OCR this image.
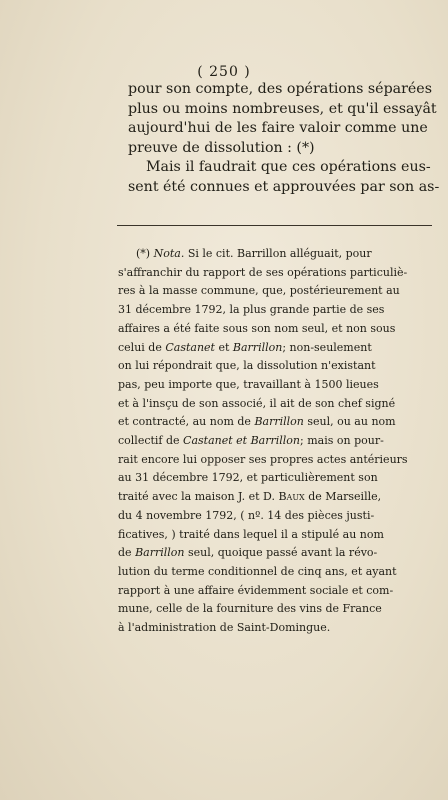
( 250 )
pour son compte, des opérations séparées
plus ou moins nombreuses, et qu'il essayât
aujourd'hui de les faire valoir comme une
preuve de dissolution : (*)
Mais il faudrait que ces opérations eus-
sent été connues et approuvées par son as-
(*) Nota. Si le cit. Barrillon alléguait, pour
s'affranchir du rapport de ses opérations particuliè-
res à la masse commune, que, postérieurement au
31 décembre 1792, la plus grande partie de ses
affaires a été faite sous son nom seul, et non sous
celui de Castanet et Barrillon; non-seulement
on lui répondrait que, la dissolution n'existant
pas, peu importe que, travaillant à 1500 lieues
et à l'insçu de son associé, il ait de son chef signé
et contracté, au nom de Barrillon seul, ou au nom
collectif de Castanet et Barrillon; mais on pour-
rait encore lui opposer ses propres actes antérieurs
au 31 décembre 1792, et particulièrement son
traité avec la maison J. et D. Baux de Marseille,
du 4 novembre 1792, ( nº. 14 des pièces justi-
ficatives, ) traité dans lequel il a stipulé au nom
de Barrillon seul, quoique passé avant la révo-
lution du terme conditionnel de cinq ans, et ayant
rapport à une affaire évidemment sociale et com-
mune, celle de la fourniture des vins de France
à l'administration de Saint-Domingue.
